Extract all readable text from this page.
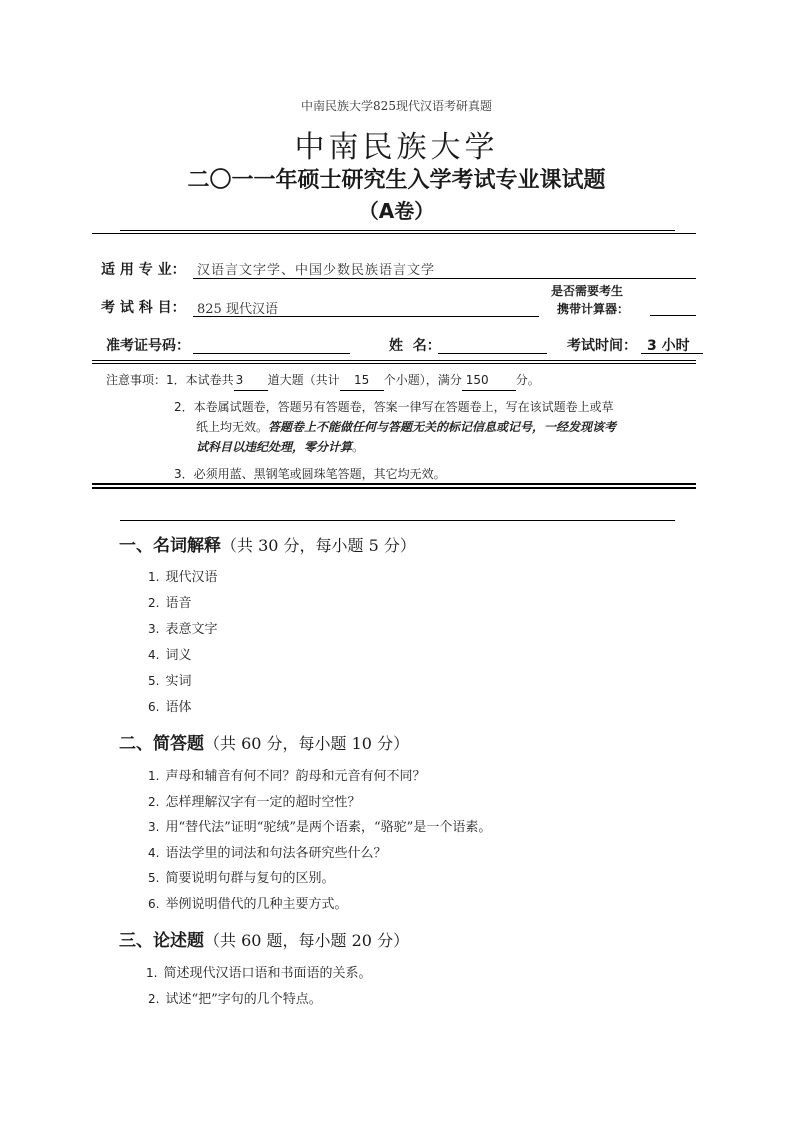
中南民族大学825现代汉语考研真题
中南民族大学
二〇一一年硕士研究生入学考试专业课试题
（A卷）
适 用 专 业： 汉语言文字学、中国少数民族语言文学
考 试 科 目： 825 现代汉语
是否需要考生
携带计算器：
准考证号码：	姓  名：	考试时间： 3 小时
注意事项：1．本试卷共 3 道大题（共计 15 个小题），满分 150 分。
2．本卷属试题卷，答题另有答题卷，答案一律写在答题卷上，写在该试题卷上或草
纸上均无效。答题卷上不能做任何与答题无关的标记信息或记号，一经发现该考
试科目以违纪处理，零分计算。
3．必须用蓝、黑钢笔或圆珠笔答题，其它均无效。
一、名词解释（共 30 分，每小题 5 分）
1. 现代汉语
2. 语音
3. 表意文字
4. 词义
5. 实词
6. 语体
二、简答题（共 60 分，每小题 10 分）
1. 声母和辅音有何不同？韵母和元音有何不同？
2. 怎样理解汉字有一定的超时空性？
3. 用“替代法”证明“驼绒”是两个语素，“骆驼”是一个语素。
4. 语法学里的词法和句法各研究些什么？
5. 简要说明句群与复句的区别。
6. 举例说明借代的几种主要方式。
三、论述题（共 60 题，每小题 20 分）
1. 简述现代汉语口语和书面语的关系。
2. 试述“把”字句的几个特点。
